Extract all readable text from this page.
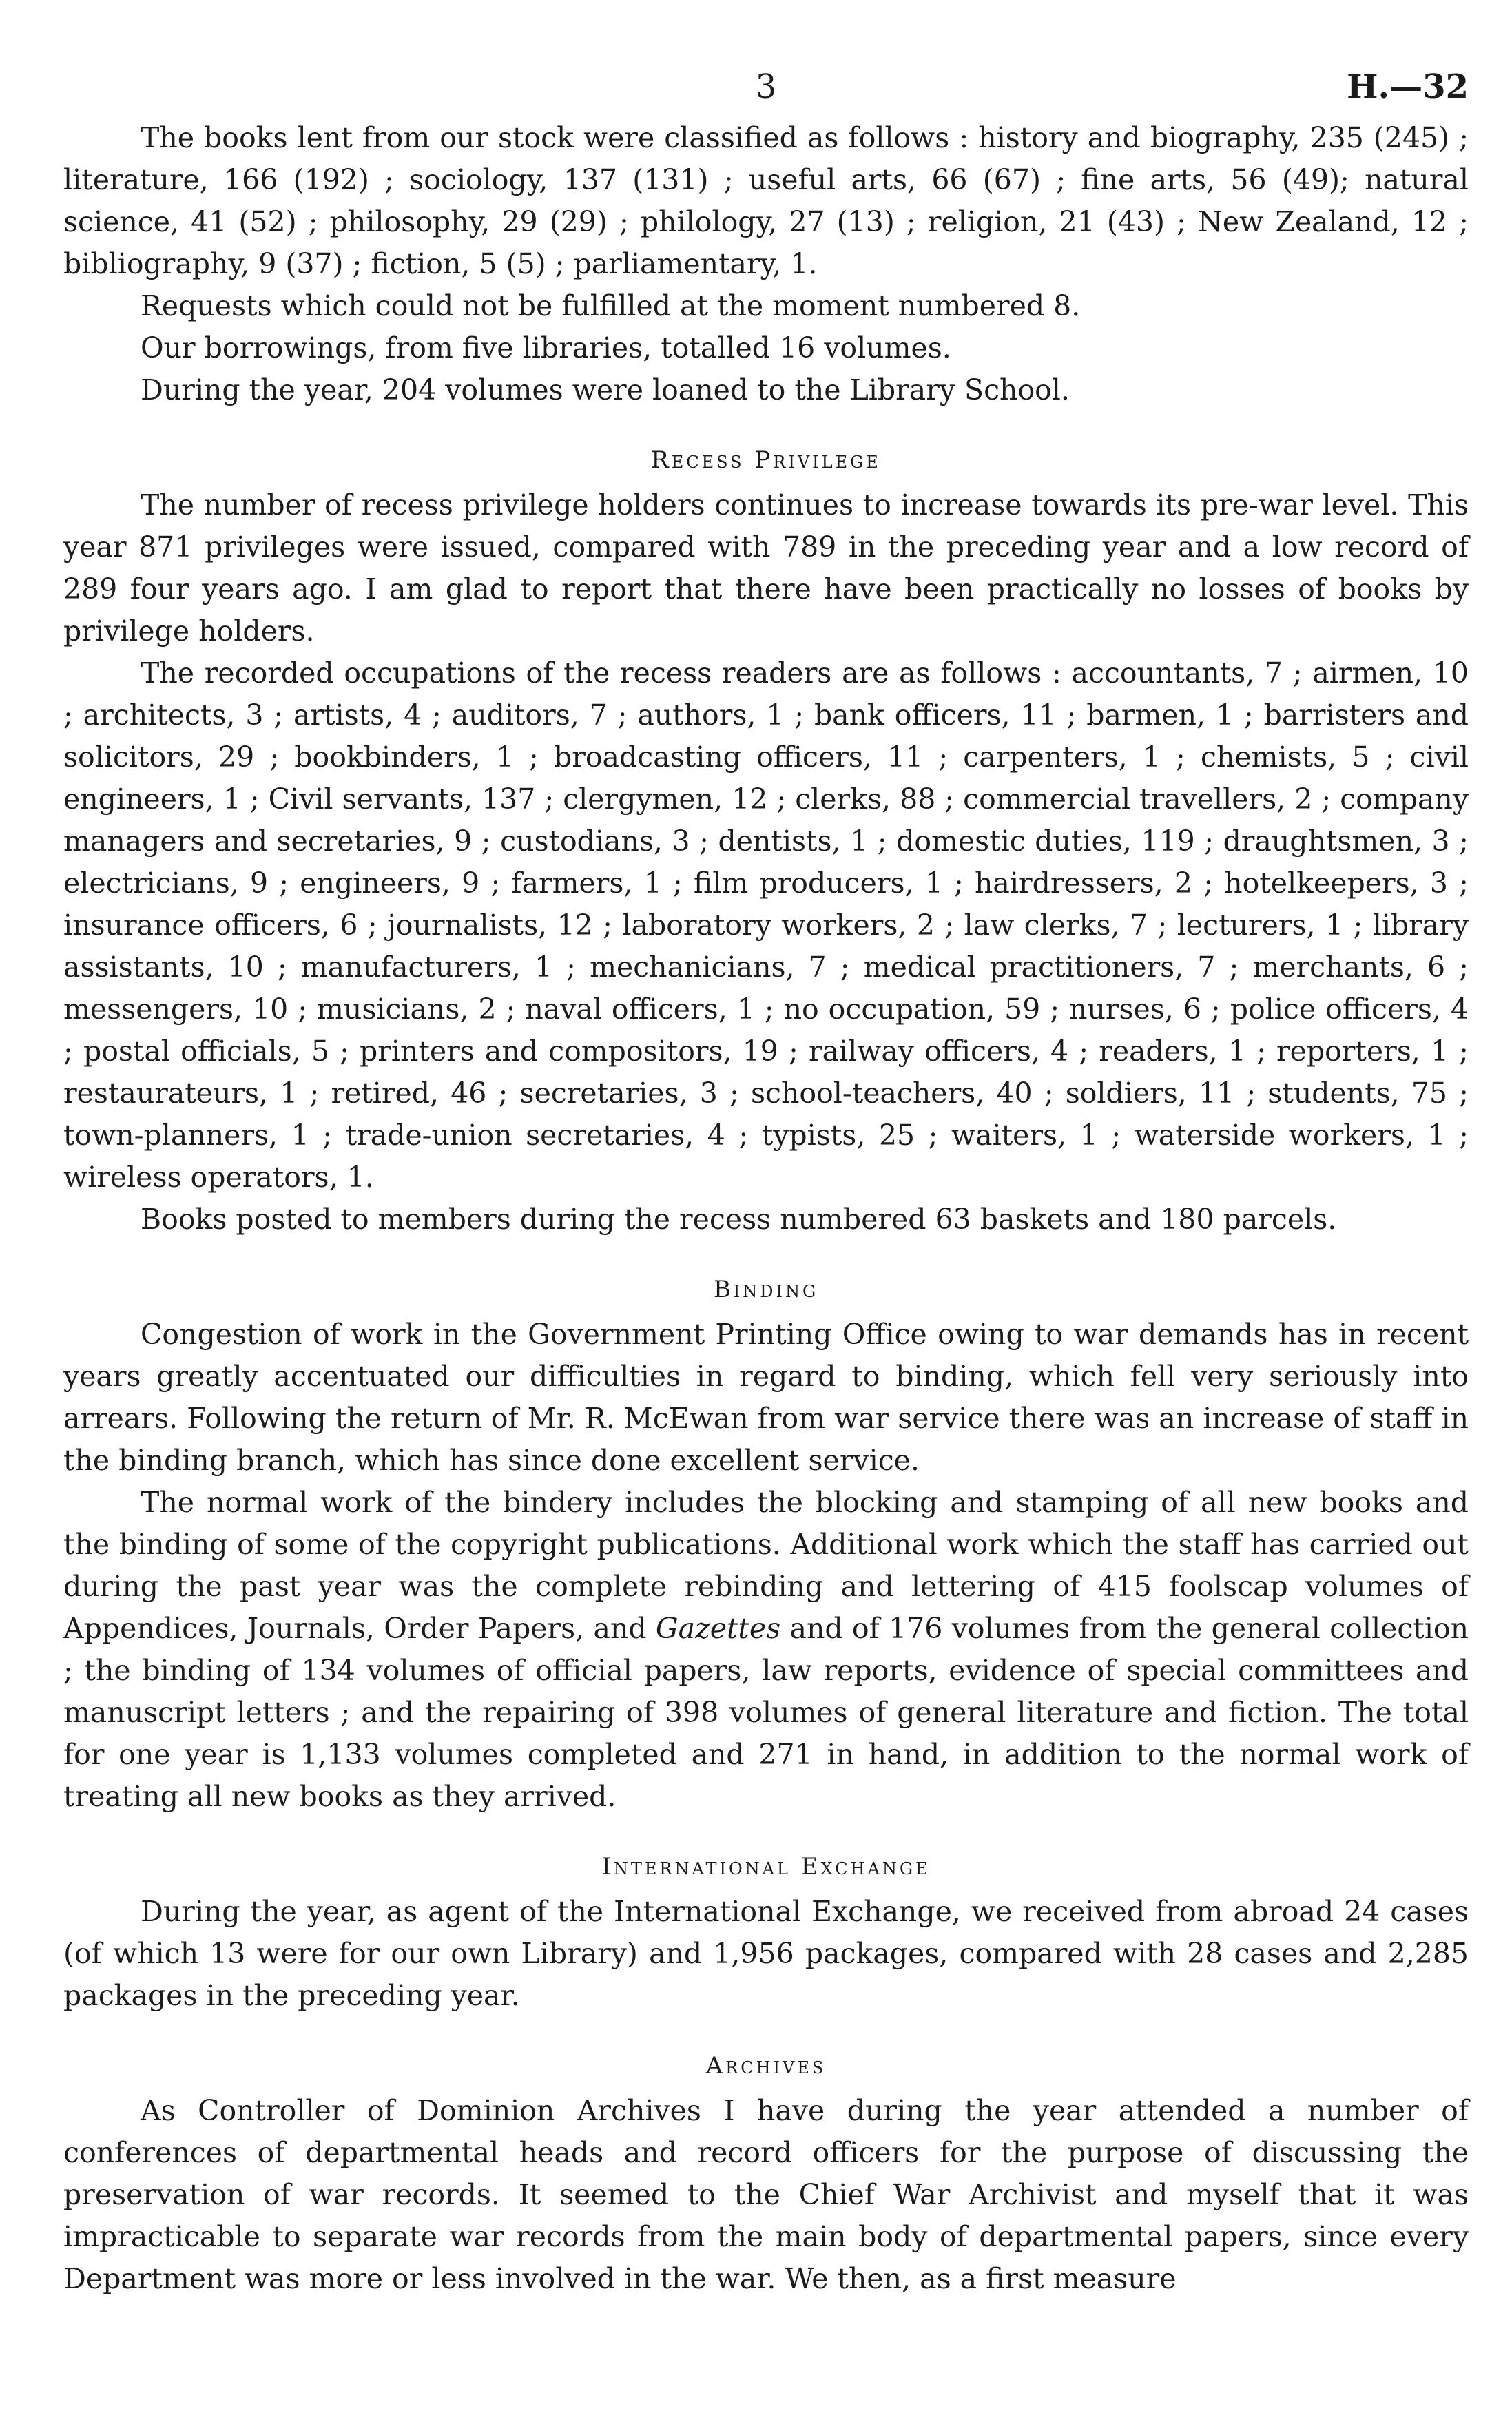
3	H.—32

The books lent from our stock were classified as follows : history and biography, 235 (245) ; literature, 166 (192) ; sociology, 137 (131) ; useful arts, 66 (67) ; fine arts, 56 (49); natural science, 41 (52) ; philosophy, 29 (29) ; philology, 27 (13) ; religion, 21 (43) ; New Zealand, 12 ; bibliography, 9 (37) ; fiction, 5 (5) ; parliamentary, 1.

Requests which could not be fulfilled at the moment numbered 8.

Our borrowings, from five libraries, totalled 16 volumes.

During the year, 204 volumes were loaned to the Library School.

Recess Privilege

The number of recess privilege holders continues to increase towards its pre-war level. This year 871 privileges were issued, compared with 789 in the preceding year and a low record of 289 four years ago. I am glad to report that there have been practically no losses of books by privilege holders.

The recorded occupations of the recess readers are as follows : accountants, 7 ; airmen, 10 ; architects, 3 ; artists, 4 ; auditors, 7 ; authors, 1 ; bank officers, 11 ; barmen, 1 ; barristers and solicitors, 29 ; bookbinders, 1 ; broadcasting officers, 11 ; carpenters, 1 ; chemists, 5 ; civil engineers, 1 ; Civil servants, 137 ; clergymen, 12 ; clerks, 88 ; commercial travellers, 2 ; company managers and secretaries, 9 ; custodians, 3 ; dentists, 1 ; domestic duties, 119 ; draughtsmen, 3 ; electricians, 9 ; engineers, 9 ; farmers, 1 ; film producers, 1 ; hairdressers, 2 ; hotelkeepers, 3 ; insurance officers, 6 ; journalists, 12 ; laboratory workers, 2 ; law clerks, 7 ; lecturers, 1 ; library assistants, 10 ; manufacturers, 1 ; mechanicians, 7 ; medical practitioners, 7 ; merchants, 6 ; messengers, 10 ; musicians, 2 ; naval officers, 1 ; no occupation, 59 ; nurses, 6 ; police officers, 4 ; postal officials, 5 ; printers and compositors, 19 ; railway officers, 4 ; readers, 1 ; reporters, 1 ; restaurateurs, 1 ; retired, 46 ; secretaries, 3 ; school-teachers, 40 ; soldiers, 11 ; students, 75 ; town-planners, 1 ; trade-union secretaries, 4 ; typists, 25 ; waiters, 1 ; waterside workers, 1 ; wireless operators, 1.

Books posted to members during the recess numbered 63 baskets and 180 parcels.

Binding

Congestion of work in the Government Printing Office owing to war demands has in recent years greatly accentuated our difficulties in regard to binding, which fell very seriously into arrears. Following the return of Mr. R. McEwan from war service there was an increase of staff in the binding branch, which has since done excellent service.

The normal work of the bindery includes the blocking and stamping of all new books and the binding of some of the copyright publications. Additional work which the staff has carried out during the past year was the complete rebinding and lettering of 415 foolscap volumes of Appendices, Journals, Order Papers, and Gazettes and of 176 volumes from the general collection ; the binding of 134 volumes of official papers, law reports, evidence of special committees and manuscript letters ; and the repairing of 398 volumes of general literature and fiction. The total for one year is 1,133 volumes completed and 271 in hand, in addition to the normal work of treating all new books as they arrived.

International Exchange

During the year, as agent of the International Exchange, we received from abroad 24 cases (of which 13 were for our own Library) and 1,956 packages, compared with 28 cases and 2,285 packages in the preceding year.

Archives

As Controller of Dominion Archives I have during the year attended a number of conferences of departmental heads and record officers for the purpose of discussing the preservation of war records. It seemed to the Chief War Archivist and myself that it was impracticable to separate war records from the main body of departmental papers, since every Department was more or less involved in the war. We then, as a first measure
